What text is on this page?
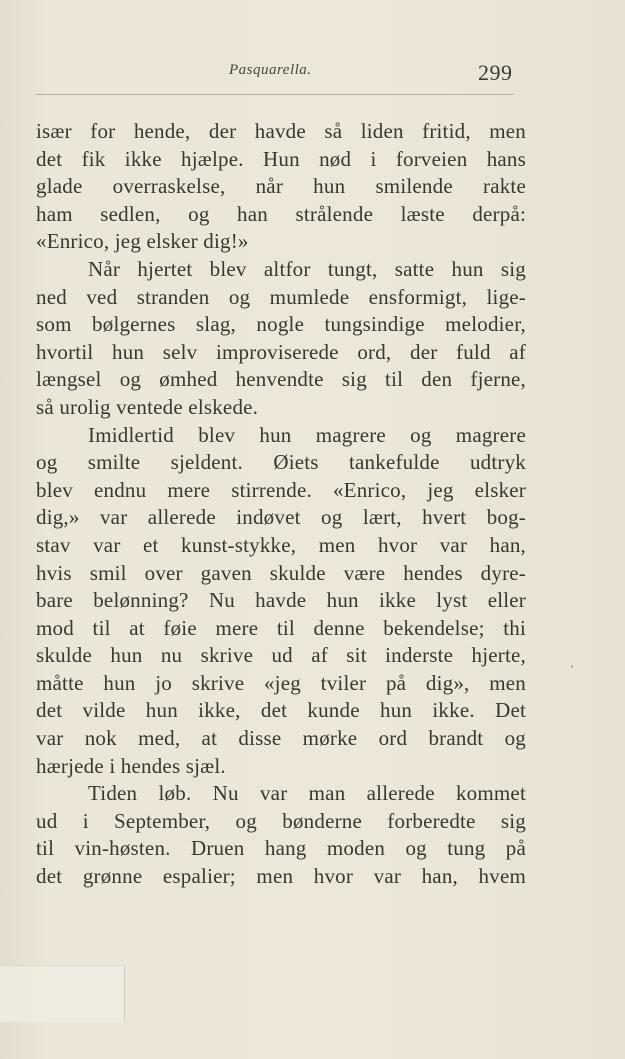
Pasquarella.	299
især for hende, der havde så liden fritid, men
det fik ikke hjælpe. Hun nød i forveien hans
glade overraskelse, når hun smilende rakte
ham sedlen, og han strålende læste derpå:
«Enrico, jeg elsker dig!»
Når hjertet blev altfor tungt, satte hun sig
ned ved stranden og mumlede ensformigt, lige-
som bølgernes slag, nogle tungsindige melodier,
hvortil hun selv improviserede ord, der fuld af
længsel og ømhed henvendte sig til den fjerne,
så urolig ventede elskede.
Imidlertid blev hun magrere og magrere
og smilte sjeldent. Øiets tankefulde udtryk
blev endnu mere stirrende. «Enrico, jeg elsker
dig,» var allerede indøvet og lært, hvert bog-
stav var et kunst-stykke, men hvor var han,
hvis smil over gaven skulde være hendes dyre-
bare belønning? Nu havde hun ikke lyst eller
mod til at føie mere til denne bekendelse; thi
skulde hun nu skrive ud af sit inderste hjerte,
måtte hun jo skrive «jeg tviler på dig», men
det vilde hun ikke, det kunde hun ikke. Det
var nok med, at disse mørke ord brandt og
hærjede i hendes sjæl.
Tiden løb. Nu var man allerede kommet
ud i September, og bønderne forberedte sig
til vin-høsten. Druen hang moden og tung på
det grønne espalier; men hvor var han, hvem
